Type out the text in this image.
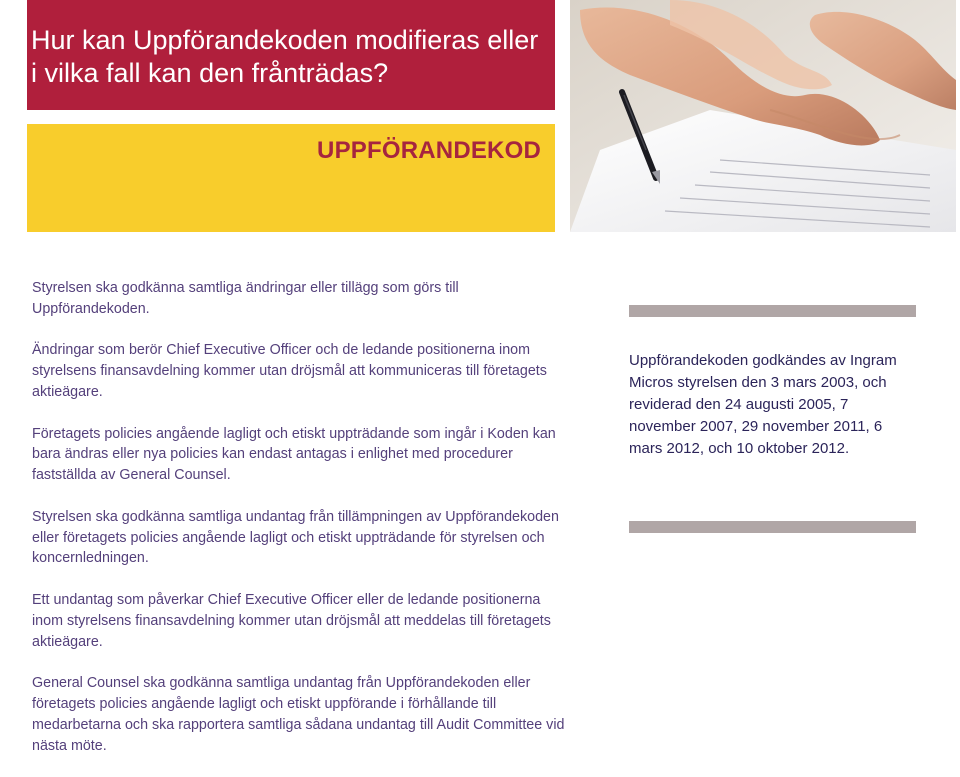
Hur kan Uppförandekoden modifieras eller i vilka fall kan den frånträdas?
UPPFÖRANDEKOD

Styrelsen ska godkänna samtliga ändringar eller tillägg som görs till Uppförandekoden.

Ändringar som berör Chief Executive Officer och de ledande positionerna inom styrelsens finansavdelning kommer utan dröjsmål att kommuniceras till företagets aktieägare.

Företagets policies angående lagligt och etiskt uppträdande som ingår i Koden kan bara ändras eller nya policies kan endast antagas i enlighet med procedurer fastställda av General Counsel.

Styrelsen ska godkänna samtliga undantag från tillämpningen av Uppförandekoden eller företagets policies angående lagligt och etiskt uppträdande för styrelsen och koncernledningen.

Ett undantag som påverkar Chief Executive Officer eller de ledande positionerna inom styrelsens finansavdelning kommer utan dröjsmål att meddelas till företagets aktieägare.

General Counsel ska godkänna samtliga undantag från Uppförandekoden eller företagets policies angående lagligt och etiskt uppförande i förhållande till medarbetarna och ska rapportera samtliga sådana undantag till Audit Committee vid nästa möte.

Uppförandekoden godkändes av Ingram Micros styrelsen den 3 mars 2003, och reviderad den 24 augusti 2005, 7 november 2007, 29 november 2011, 6 mars 2012, och 10 oktober 2012.
